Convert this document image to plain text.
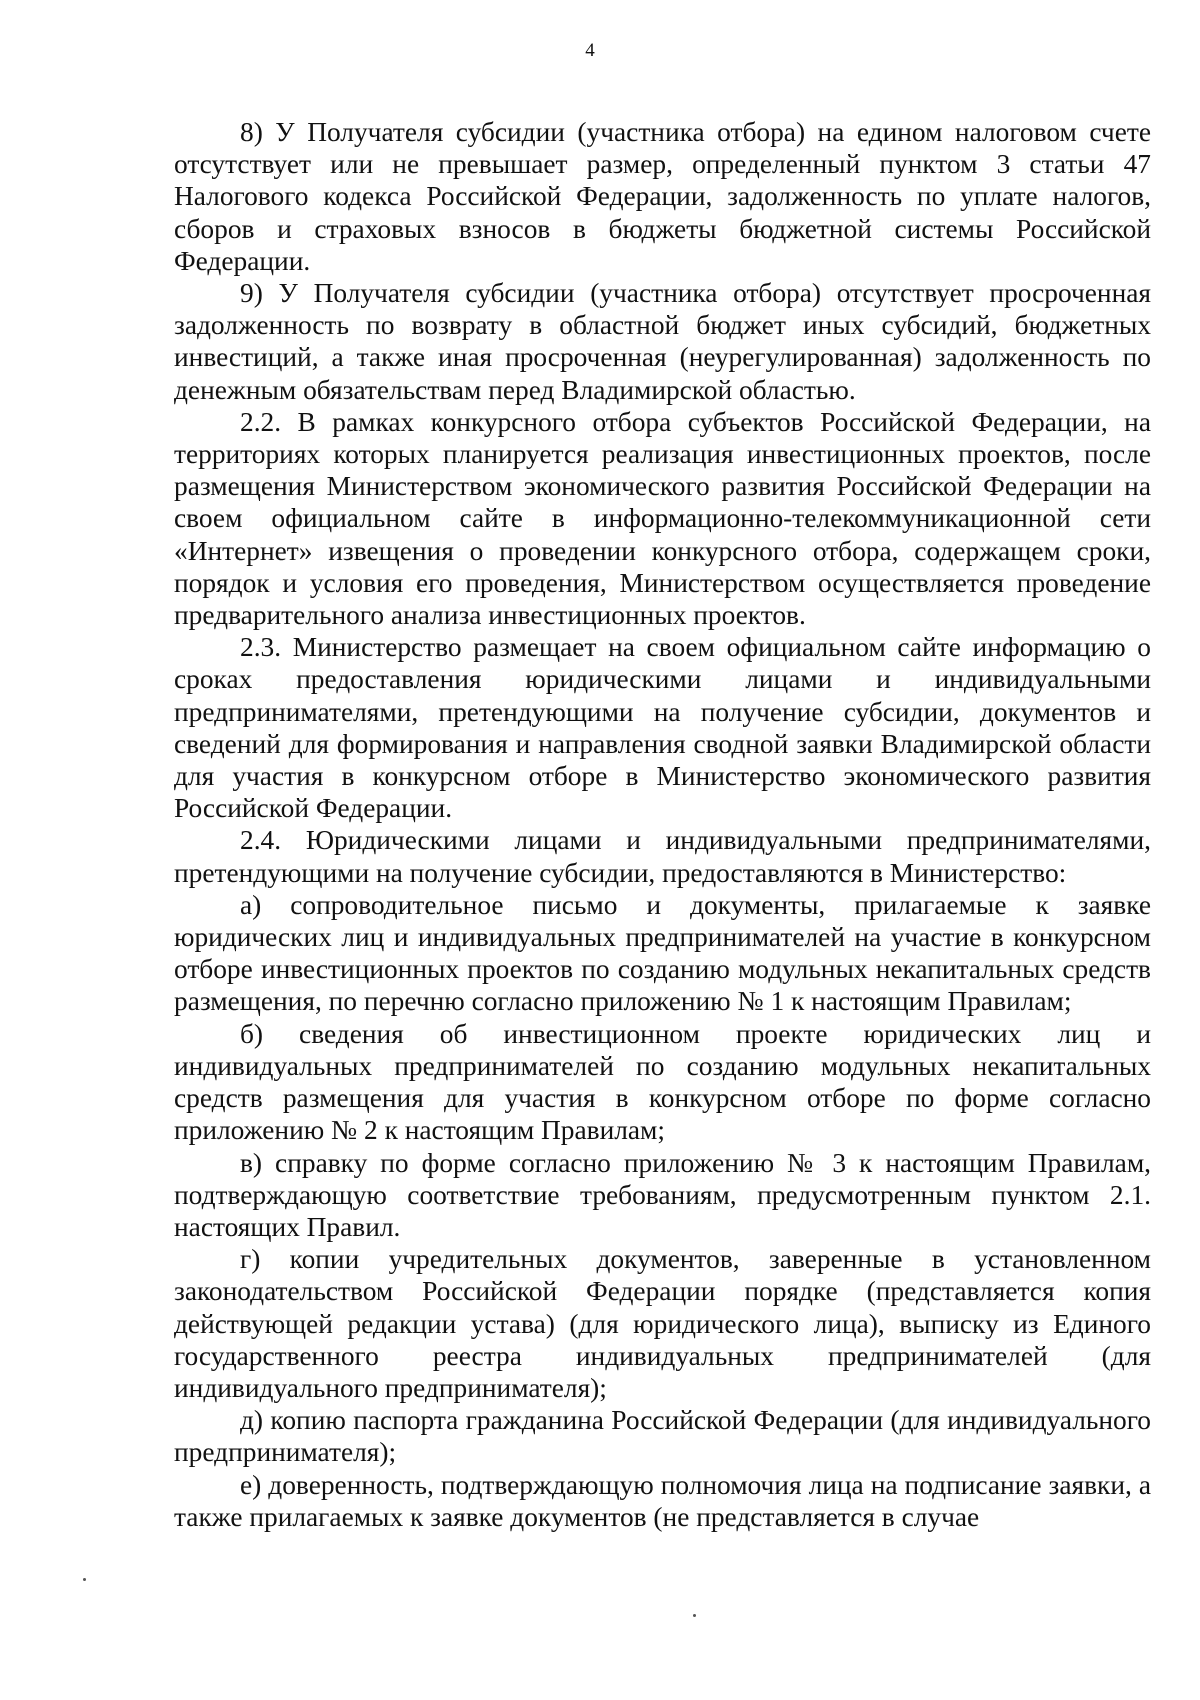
4

8) У Получателя субсидии (участника отбора) на едином налоговом счете отсутствует или не превышает размер, определенный пунктом 3 статьи 47 Налогового кодекса Российской Федерации, задолженность по уплате налогов, сборов и страховых взносов в бюджеты бюджетной системы Российской Федерации.

9) У Получателя субсидии (участника отбора) отсутствует просроченная задолженность по возврату в областной бюджет иных субсидий, бюджетных инвестиций, а также иная просроченная (неурегулированная) задолженность по денежным обязательствам перед Владимирской областью.

2.2. В рамках конкурсного отбора субъектов Российской Федерации, на территориях которых планируется реализация инвестиционных проектов, после размещения Министерством экономического развития Российской Федерации на своем официальном сайте в информационно-телекоммуникационной сети «Интернет» извещения о проведении конкурсного отбора, содержащем сроки, порядок и условия его проведения, Министерством осуществляется проведение предварительного анализа инвестиционных проектов.

2.3. Министерство размещает на своем официальном сайте информацию о сроках предоставления юридическими лицами и индивидуальными предпринимателями, претендующими на получение субсидии, документов и сведений для формирования и направления сводной заявки Владимирской области для участия в конкурсном отборе в Министерство экономического развития Российской Федерации.

2.4. Юридическими лицами и индивидуальными предпринимателями, претендующими на получение субсидии, предоставляются в Министерство:

а) сопроводительное письмо и документы, прилагаемые к заявке юридических лиц и индивидуальных предпринимателей на участие в конкурсном отборе инвестиционных проектов по созданию модульных некапитальных средств размещения, по перечню согласно приложению № 1 к настоящим Правилам;

б) сведения об инвестиционном проекте юридических лиц и индивидуальных предпринимателей по созданию модульных некапитальных средств размещения для участия в конкурсном отборе по форме согласно приложению № 2 к настоящим Правилам;

в) справку по форме согласно приложению № 3 к настоящим Правилам, подтверждающую соответствие требованиям, предусмотренным пунктом 2.1. настоящих Правил.

г) копии учредительных документов, заверенные в установленном законодательством Российской Федерации порядке (представляется копия действующей редакции устава) (для юридического лица), выписку из Единого государственного реестра индивидуальных предпринимателей (для индивидуального предпринимателя);

д) копию паспорта гражданина Российской Федерации (для индивидуального предпринимателя);

е) доверенность, подтверждающую полномочия лица на подписание заявки, а также прилагаемых к заявке документов (не представляется в случае
